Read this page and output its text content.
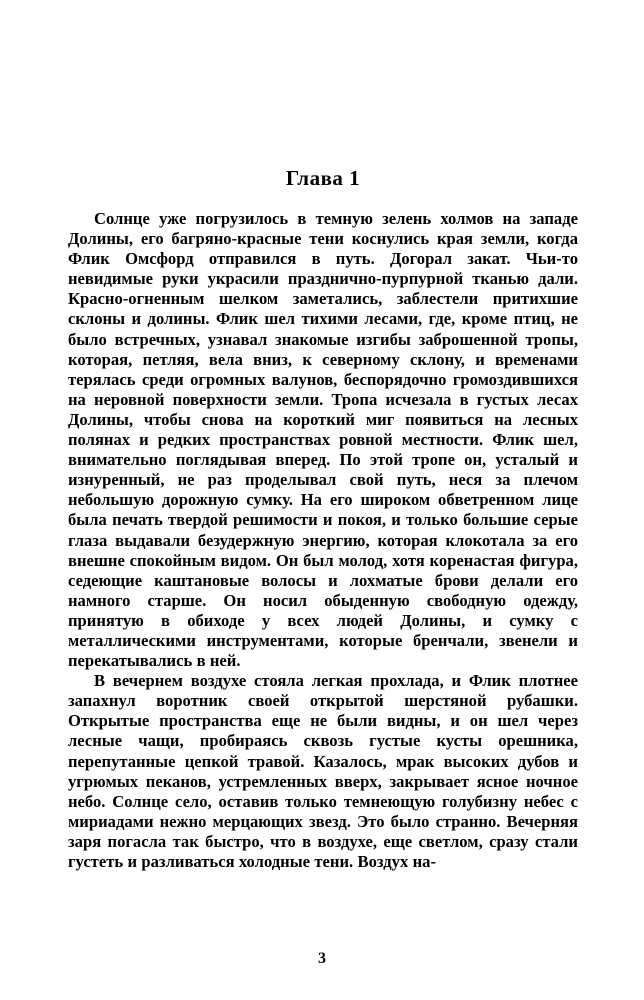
Глава 1

Солнце уже погрузилось в темную зелень холмов на западе Долины, его багряно-красные тени коснулись края земли, когда Флик Омсфорд отправился в путь. Догорал закат. Чьи-то невидимые руки украсили празднично-пурпурной тканью дали. Красно-огненным шелком заметались, заблестели притихшие склоны и долины. Флик шел тихими лесами, где, кроме птиц, не было встречных, узнавал знакомые изгибы заброшенной тропы, которая, петляя, вела вниз, к северному склону, и временами терялась среди огромных валунов, беспорядочно громоздившихся на неровной поверхности земли. Тропа исчезала в густых лесах Долины, чтобы снова на короткий миг появиться на лесных полянах и редких пространствах ровной местности. Флик шел, внимательно поглядывая вперед. По этой тропе он, усталый и изнуренный, не раз проделывал свой путь, неся за плечом небольшую дорожную сумку. На его широком обветренном лице была печать твердой решимости и покоя, и только большие серые глаза выдавали безудержную энергию, которая клокотала за его внешне спокойным видом. Он был молод, хотя коренастая фигура, седеющие каштановые волосы и лохматые брови делали его намного старше. Он носил обыденную свободную одежду, принятую в обиходе у всех людей Долины, и сумку с металлическими инструментами, которые бренчали, звенели и перекатывались в ней.

В вечернем воздухе стояла легкая прохлада, и Флик плотнее запахнул воротник своей открытой шерстяной рубашки. Открытые пространства еще не были видны, и он шел через лесные чащи, пробираясь сквозь густые кусты орешника, перепутанные цепкой травой. Казалось, мрак высоких дубов и угрюмых пеканов, устремленных вверх, закрывает ясное ночное небо. Солнце село, оставив только темнеющую голубизну небес с мириадами нежно мерцающих звезд. Это было странно. Вечерняя заря погасла так быстро, что в воздухе, еще светлом, сразу стали густеть и разливаться холодные тени. Воздух на-

3
